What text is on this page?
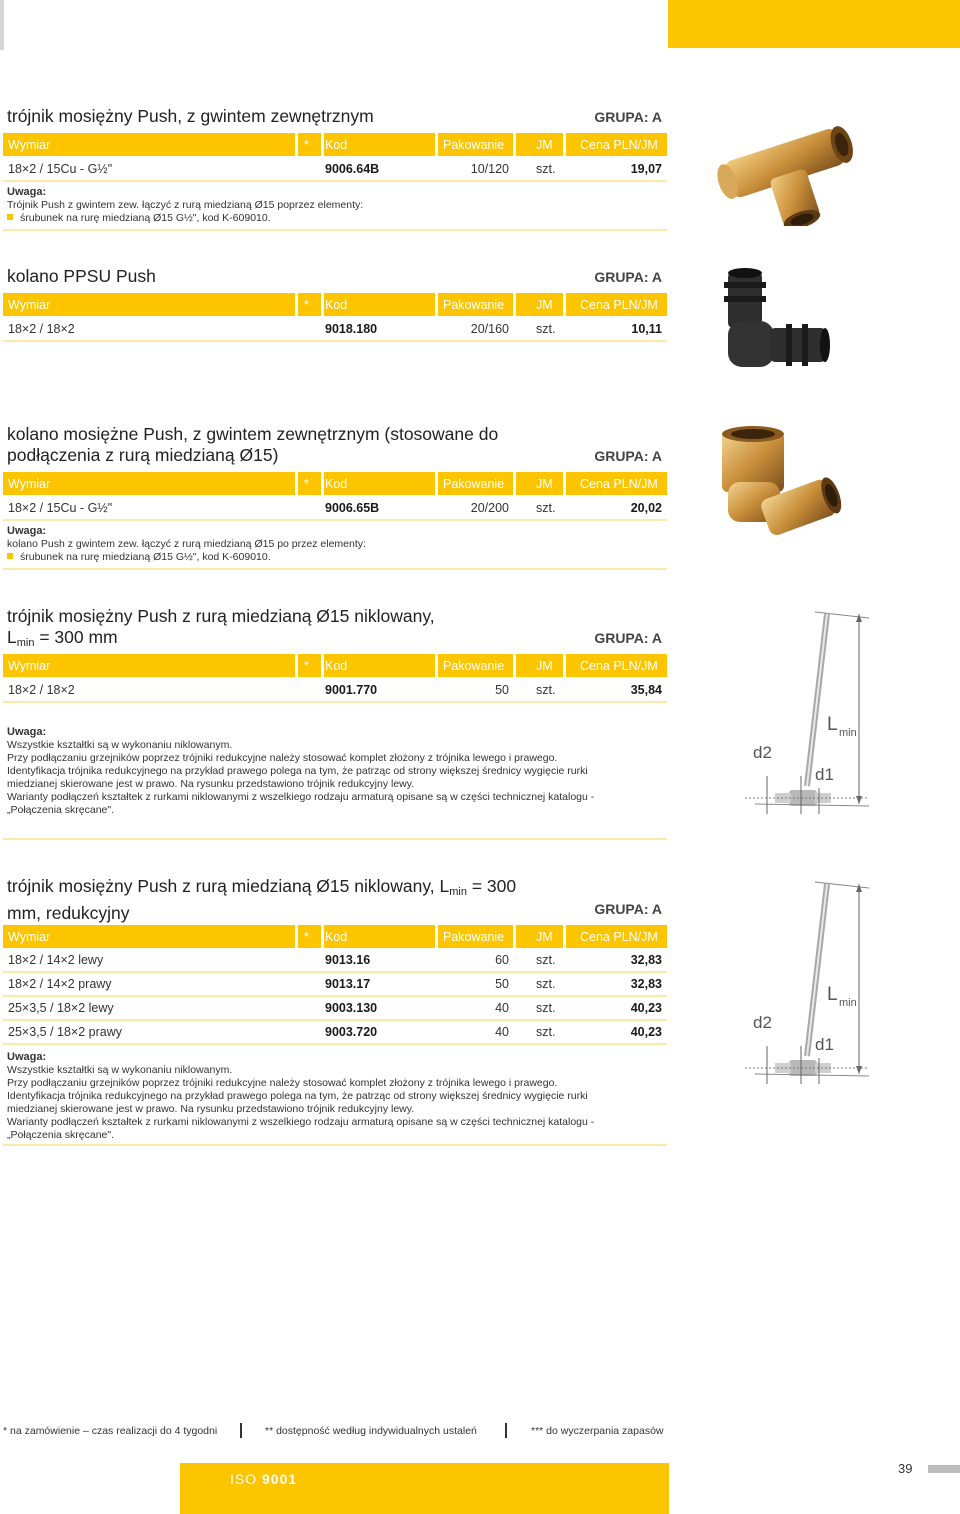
trójnik mosiężny Push, z gwintem zewnętrznym	GRUPA: A
Wymiar	* Kod	Pakowanie	JM Cena PLN/JM
18×2 / 15Cu - G½"	9006.64B	10/120 szt.	19,07
Uwaga:
Trójnik Push z gwintem zew. łączyć z rurą miedzianą Ø15 poprzez elementy:
śrubunek na rurę miedzianą Ø15 G½", kod K-609010.
kolano PPSU Push	GRUPA: A
Wymiar	* Kod	Pakowanie	JM Cena PLN/JM
18×2 / 18×2	9018.180	20/160 szt.	10,11
kolano mosiężne Push, z gwintem zewnętrznym (stosowane do
podłączenia z rurą miedzianą Ø15)	GRUPA: A
Wymiar	* Kod	Pakowanie	JM Cena PLN/JM
18×2 / 15Cu - G½"	9006.65B	20/200 szt.	20,02
Uwaga:
kolano Push z gwintem zew. łączyć z rurą miedzianą Ø15 po przez elementy:
śrubunek na rurę miedzianą Ø15 G½", kod K-609010.
trójnik mosiężny Push z rurą miedzianą Ø15 niklowany,
$L_{min} = 300$ mm	GRUPA: A
Wymiar	* Kod	Pakowanie	JM Cena PLN/JM
18×2 / 18×2	9001.770	50 szt.	35,84
Uwaga:
Wszystkie kształtki są w wykonaniu niklowanym.
Przy podłączaniu grzejników poprzez trójniki redukcyjne należy stosować komplet złożony z trójnika lewego i prawego.
Identyfikacja trójnika redukcyjnego na przykład prawego polega na tym, że patrząc od strony większej średnicy wygięcie rurki
miedzianej skierowane jest w prawo. Na rysunku przedstawiono trójnik redukcyjny lewy.
Warianty podłączeń kształtek z rurkami niklowanymi z wszelkiego rodzaju armaturą opisane są w części technicznej katalogu -
„Połączenia skręcane".
d2
d1
L min
trójnik mosiężny Push z rurą miedzianą Ø15 niklowany, $L_{min} = 300$
mm, redukcyjny	GRUPA: A
Wymiar	* Kod	Pakowanie	JM Cena PLN/JM
18×2 / 14×2 lewy	9013.16	60 szt.	32,83
18×2 / 14×2 prawy	9013.17	50 szt.	32,83
25×3,5 / 18×2 lewy	9003.130	40 szt.	40,23
25×3,5 / 18×2 prawy	9003.720	40 szt.	40,23
Uwaga:
Wszystkie kształtki są w wykonaniu niklowanym.
Przy podłączaniu grzejników poprzez trójniki redukcyjne należy stosować komplet złożony z trójnika lewego i prawego.
Identyfikacja trójnika redukcyjnego na przykład prawego polega na tym, że patrząc od strony większej średnicy wygięcie rurki
miedzianej skierowane jest w prawo. Na rysunku przedstawiono trójnik redukcyjny lewy.
Warianty podłączeń kształtek z rurkami niklowanymi z wszelkiego rodzaju armaturą opisane są w części technicznej katalogu -
„Połączenia skręcane".
d2
d1
L min
* na zamówienie – czas realizacji do 4 tygodni	** dostępność według indywidualnych ustaleń	*** do wyczerpania zapasów
ISO 9001
39
